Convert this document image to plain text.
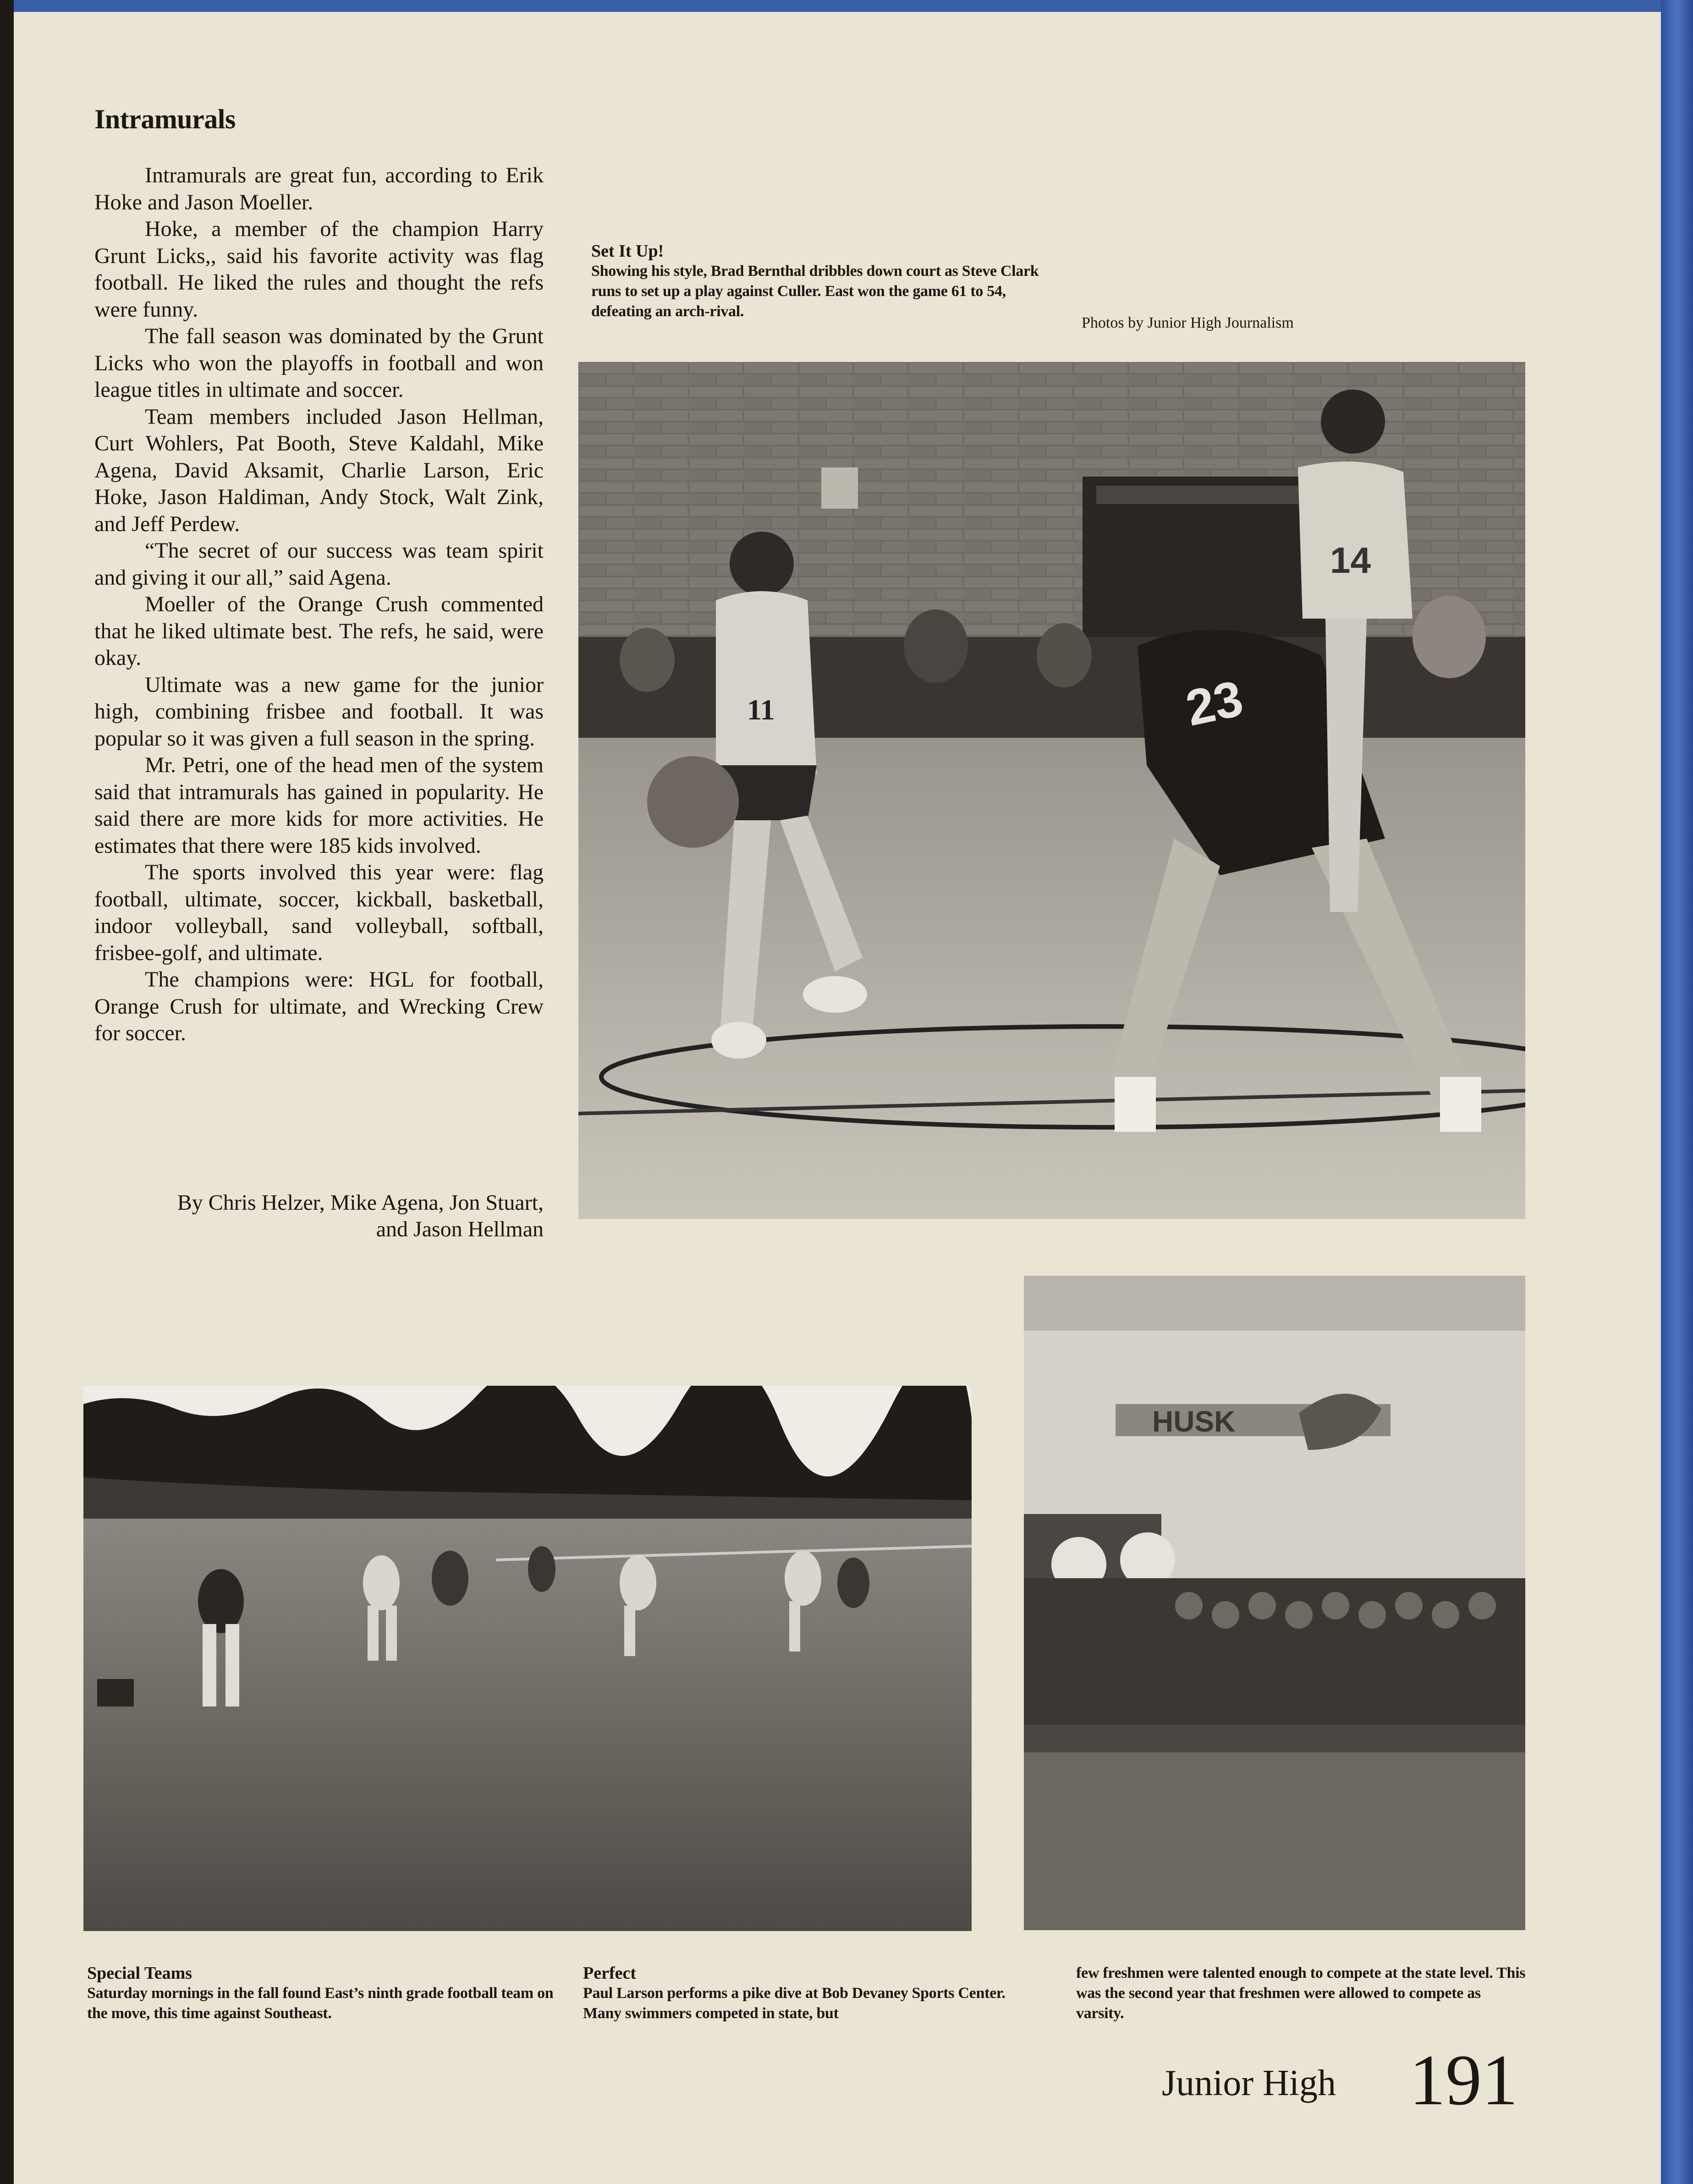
Intramurals

Intramurals are great fun, according to Erik Hoke and Jason Moeller.

Hoke, a member of the champion Harry Grunt Licks,, said his favorite activity was flag football. He liked the rules and thought the refs were funny.

The fall season was dominated by the Grunt Licks who won the playoffs in football and won league titles in ultimate and soccer.

Team members included Jason Hellman, Curt Wohlers, Pat Booth, Steve Kaldahl, Mike Agena, David Aksamit, Charlie Larson, Eric Hoke, Jason Haldiman, Andy Stock, Walt Zink, and Jeff Perdew.

“The secret of our success was team spirit and giving it our all,” said Agena.

Moeller of the Orange Crush commented that he liked ultimate best. The refs, he said, were okay.

Ultimate was a new game for the junior high, combining frisbee and football. It was popular so it was given a full season in the spring.

Mr. Petri, one of the head men of the system said that intramurals has gained in popularity. He said there are more kids for more activities. He estimates that there were 185 kids involved.

The sports involved this year were: flag football, ultimate, soccer, kickball, basketball, indoor volleyball, sand volleyball, softball, frisbee-golf, and ultimate.

The champions were: HGL for football, Orange Crush for ultimate, and Wrecking Crew for soccer.

By Chris Helzer, Mike Agena, Jon Stuart,
and Jason Hellman
Set It Up!
Showing his style, Brad Bernthal dribbles down court as Steve Clark runs to set up a play against Culler. East won the game 61 to 54, defeating an arch-rival.
Photos by Junior High Journalism
11	23
14
HUSK
Special Teams
Saturday mornings in the fall found East’s ninth grade football team on the move, this time against Southeast.
Perfect
Paul Larson performs a pike dive at Bob Devaney Sports Center. Many swimmers competed in state, but
few freshmen were talented enough to compete at the state level. This was the second year that freshmen were allowed to compete as varsity.
Junior High 191
